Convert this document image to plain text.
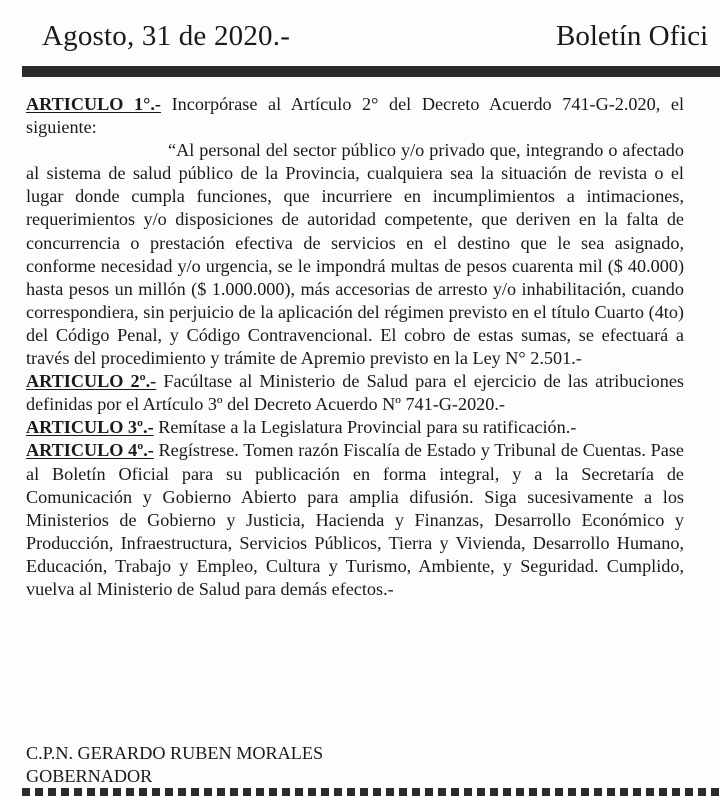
Agosto, 31 de 2020.-	Boletín Ofici

ARTICULO 1°.- Incorpórase al Artículo 2° del Decreto Acuerdo 741-G-2.020, el siguiente:

“Al personal del sector público y/o privado que, integrando o afectado al sistema de salud público de la Provincia, cualquiera sea la situación de revista o el lugar donde cumpla funciones, que incurriere en incumplimientos a intimaciones, requerimientos y/o disposiciones de autoridad competente, que deriven en la falta de concurrencia o prestación efectiva de servicios en el destino que le sea asignado, conforme necesidad y/o urgencia, se le impondrá multas de pesos cuarenta mil ($ 40.000) hasta pesos un millón ($ 1.000.000), más accesorias de arresto y/o inhabilitación, cuando correspondiera, sin perjuicio de la aplicación del régimen previsto en el título Cuarto (4to) del Código Penal, y Código Contravencional. El cobro de estas sumas, se efectuará a través del procedimiento y trámite de Apremio previsto en la Ley N° 2.501.-

ARTICULO 2º.- Facúltase al Ministerio de Salud para el ejercicio de las atribuciones definidas por el Artículo 3º del Decreto Acuerdo Nº 741-G-2020.-

ARTICULO 3º.- Remítase a la Legislatura Provincial para su ratificación.-

ARTICULO 4º.- Regístrese. Tomen razón Fiscalía de Estado y Tribunal de Cuentas. Pase al Boletín Oficial para su publicación en forma integral, y a la Secretaría de Comunicación y Gobierno Abierto para amplia difusión. Siga sucesivamente a los Ministerios de Gobierno y Justicia, Hacienda y Finanzas, Desarrollo Económico y Producción, Infraestructura, Servicios Públicos, Tierra y Vivienda, Desarrollo Humano, Educación, Trabajo y Empleo, Cultura y Turismo, Ambiente, y Seguridad. Cumplido, vuelva al Ministerio de Salud para demás efectos.-

C.P.N. GERARDO RUBEN MORALES
GOBERNADOR
